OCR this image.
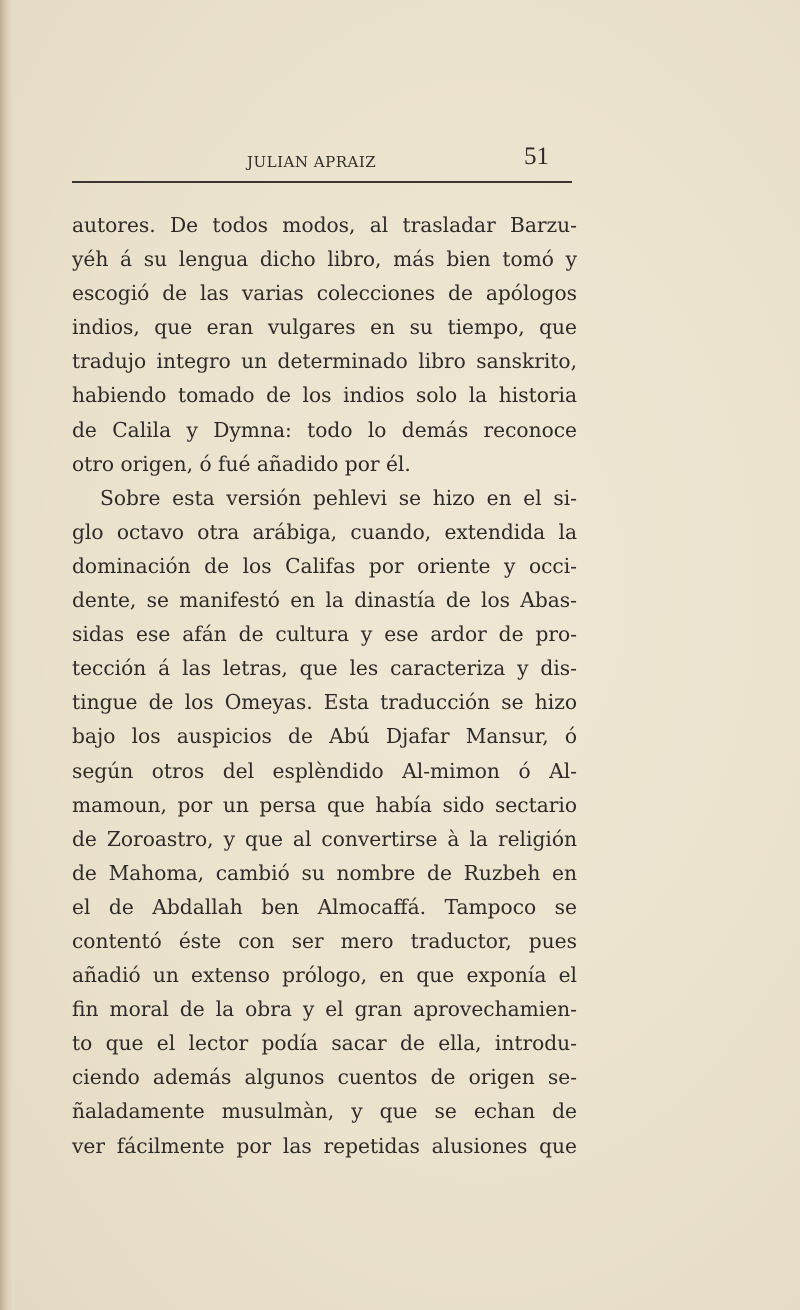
JULIAN APRAIZ	51
autores. De todos modos, al trasladar Barzu-
yéh á su lengua dicho libro, más bien tomó y
escogió de las varias colecciones de apólogos
indios, que eran vulgares en su tiempo, que
tradujo integro un determinado libro sanskrito,
habiendo tomado de los indios solo la historia
de Calila y Dymna: todo lo demás reconoce
otro origen, ó fué añadido por él.
Sobre esta versión pehlevi se hizo en el si-
glo octavo otra arábiga, cuando, extendida la
dominación de los Califas por oriente y occi-
dente, se manifestó en la dinastía de los Abas-
sidas ese afán de cultura y ese ardor de pro-
tección á las letras, que les caracteriza y dis-
tingue de los Omeyas. Esta traducción se hizo
bajo los auspicios de Abú Djafar Mansur, ó
según otros del esplèndido Al-mimon ó Al-
mamoun, por un persa que había sido sectario
de Zoroastro, y que al convertirse à la religión
de Mahoma, cambió su nombre de Ruzbeh en
el de Abdallah ben Almocaffá. Tampoco se
contentó éste con ser mero traductor, pues
añadió un extenso prólogo, en que exponía el
fin moral de la obra y el gran aprovechamien-
to que el lector podía sacar de ella, introdu-
ciendo además algunos cuentos de origen se-
ñaladamente musulmàn, y que se echan de
ver fácilmente por las repetidas alusiones que
